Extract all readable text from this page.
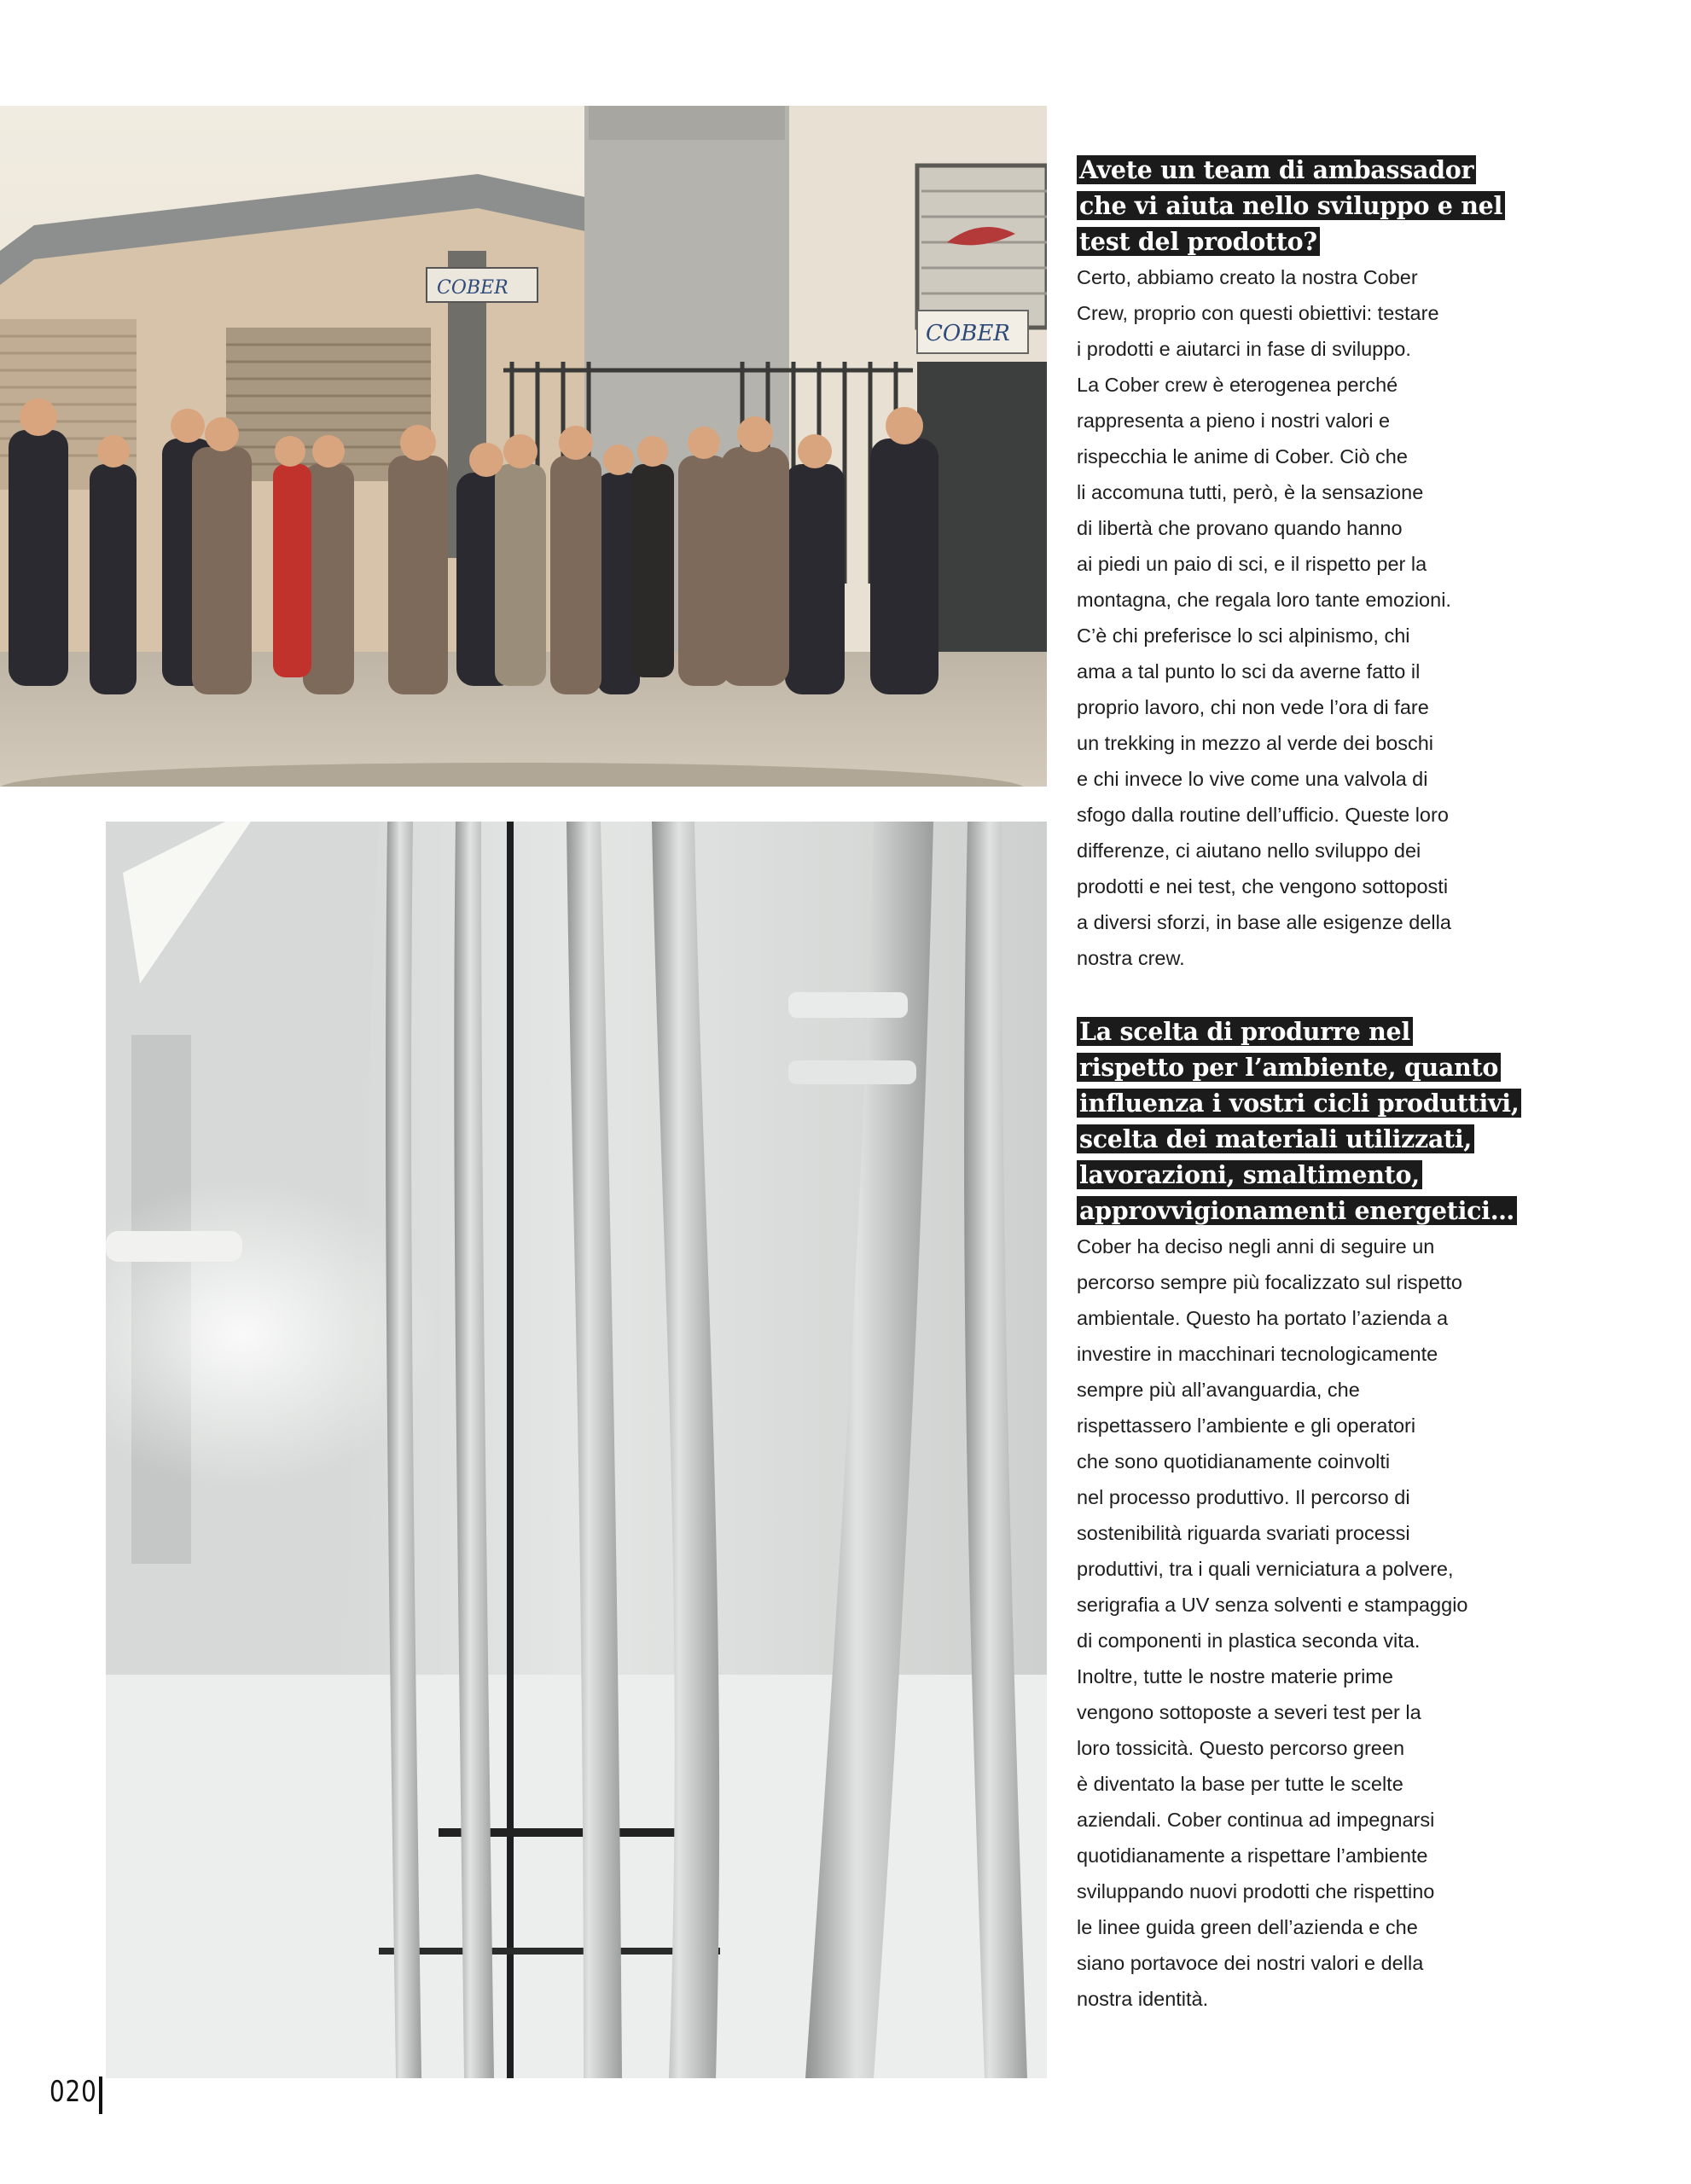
COBER
COBER
Avete un team di ambassador che vi aiuta nello sviluppo e nel test del prodotto?

Certo, abbiamo creato la nostra Cober
Crew, proprio con questi obiettivi: testare
i prodotti e aiutarci in fase di sviluppo.
La Cober crew è eterogenea perché
rappresenta a pieno i nostri valori e
rispecchia le anime di Cober. Ciò che
li accomuna tutti, però, è la sensazione
di libertà che provano quando hanno
ai piedi un paio di sci, e il rispetto per la
montagna, che regala loro tante emozioni.
C’è chi preferisce lo sci alpinismo, chi
ama a tal punto lo sci da averne fatto il
proprio lavoro, chi non vede l’ora di fare
un trekking in mezzo al verde dei boschi
e chi invece lo vive come una valvola di
sfogo dalla routine dell’ufficio. Queste loro
differenze, ci aiutano nello sviluppo dei
prodotti e nei test, che vengono sottoposti
a diversi sforzi, in base alle esigenze della
nostra crew.

La scelta di produrre nel rispetto per l’ambiente, quanto influenza i vostri cicli produttivi, scelta dei materiali utilizzati, lavorazioni, smaltimento, approvvigionamenti energetici…

Cober ha deciso negli anni di seguire un
percorso sempre più focalizzato sul rispetto
ambientale. Questo ha portato l’azienda a
investire in macchinari tecnologicamente
sempre più all’avanguardia, che
rispettassero l’ambiente e gli operatori
che sono quotidianamente coinvolti
nel processo produttivo. Il percorso di
sostenibilità riguarda svariati processi
produttivi, tra i quali verniciatura a polvere,
serigrafia a UV senza solventi e stampaggio
di componenti in plastica seconda vita.
Inoltre, tutte le nostre materie prime
vengono sottoposte a severi test per la
loro tossicità. Questo percorso green
è diventato la base per tutte le scelte
aziendali. Cober continua ad impegnarsi
quotidianamente a rispettare l’ambiente
sviluppando nuovi prodotti che rispettino
le linee guida green dell’azienda e che
siano portavoce dei nostri valori e della
nostra identità.

020
